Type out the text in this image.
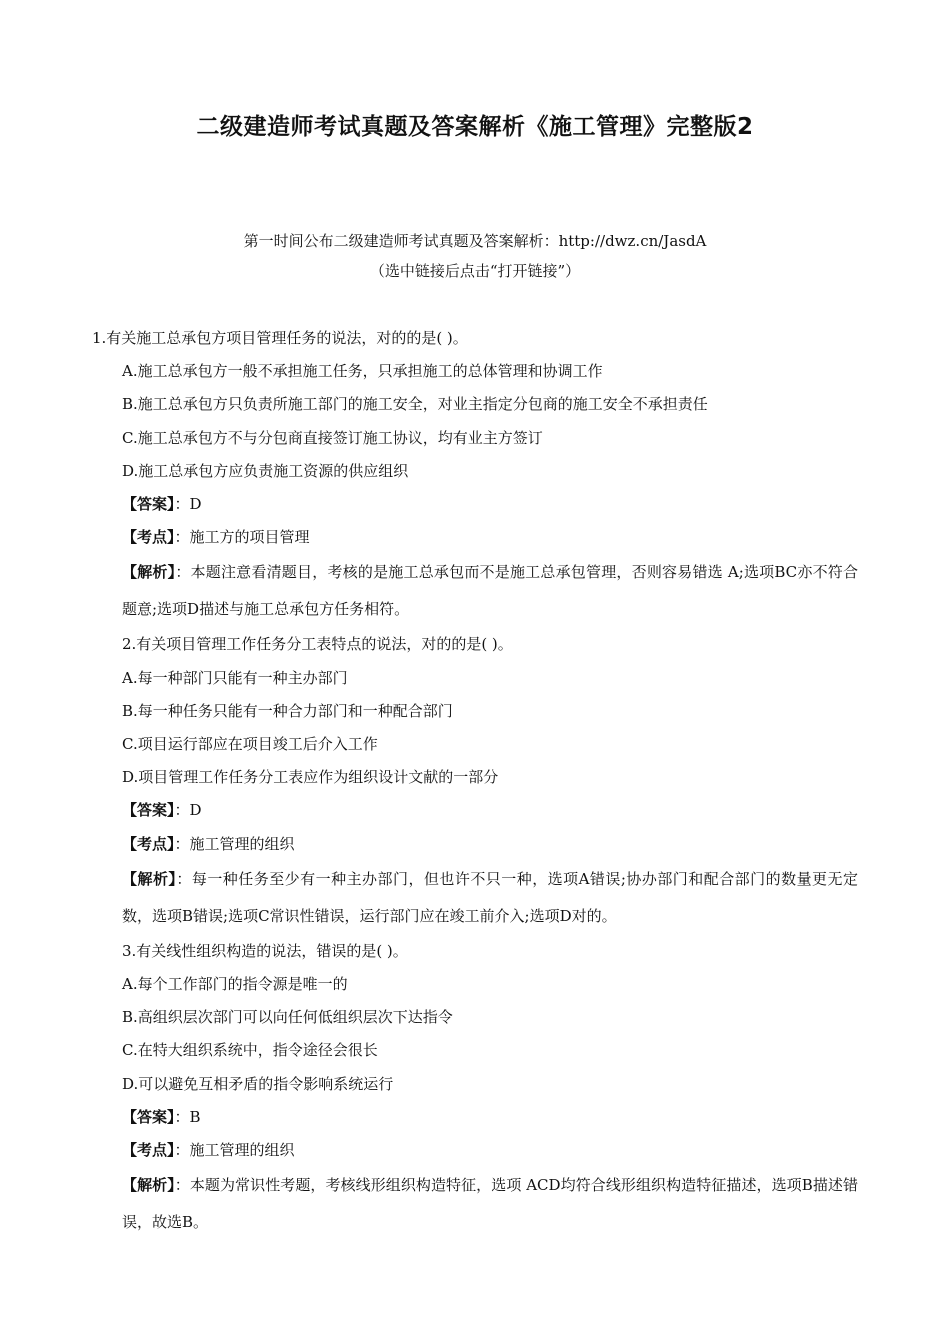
二级建造师考试真题及答案解析《施工管理》完整版2
第一时间公布二级建造师考试真题及答案解析：http://dwz.cn/JasdA
（选中链接后点击“打开链接”）
1.有关施工总承包方项目管理任务的说法，对的的是( )。
A.施工总承包方一般不承担施工任务，只承担施工的总体管理和协调工作
B.施工总承包方只负责所施工部门的施工安全，对业主指定分包商的施工安全不承担责任
C.施工总承包方不与分包商直接签订施工协议，均有业主方签订
D.施工总承包方应负责施工资源的供应组织
【答案】：D
【考点】：施工方的项目管理
【解析】：本题注意看清题目，考核的是施工总承包而不是施工总承包管理，否则容易错选 A;选项BC亦不符合题意;选项D描述与施工总承包方任务相符。
2.有关项目管理工作任务分工表特点的说法，对的的是( )。
A.每一种部门只能有一种主办部门
B.每一种任务只能有一种合力部门和一种配合部门
C.项目运行部应在项目竣工后介入工作
D.项目管理工作任务分工表应作为组织设计文献的一部分
【答案】：D
【考点】：施工管理的组织
【解析】：每一种任务至少有一种主办部门，但也许不只一种，选项A错误;协办部门和配合部门的数量更无定数，选项B错误;选项C常识性错误，运行部门应在竣工前介入;选项D对的。
3.有关线性组织构造的说法，错误的是( )。
A.每个工作部门的指令源是唯一的
B.高组织层次部门可以向任何低组织层次下达指令
C.在特大组织系统中，指令途径会很长
D.可以避免互相矛盾的指令影响系统运行
【答案】：B
【考点】：施工管理的组织
【解析】：本题为常识性考题，考核线形组织构造特征，选项 ACD均符合线形组织构造特征描述，选项B描述错误，故选B。
